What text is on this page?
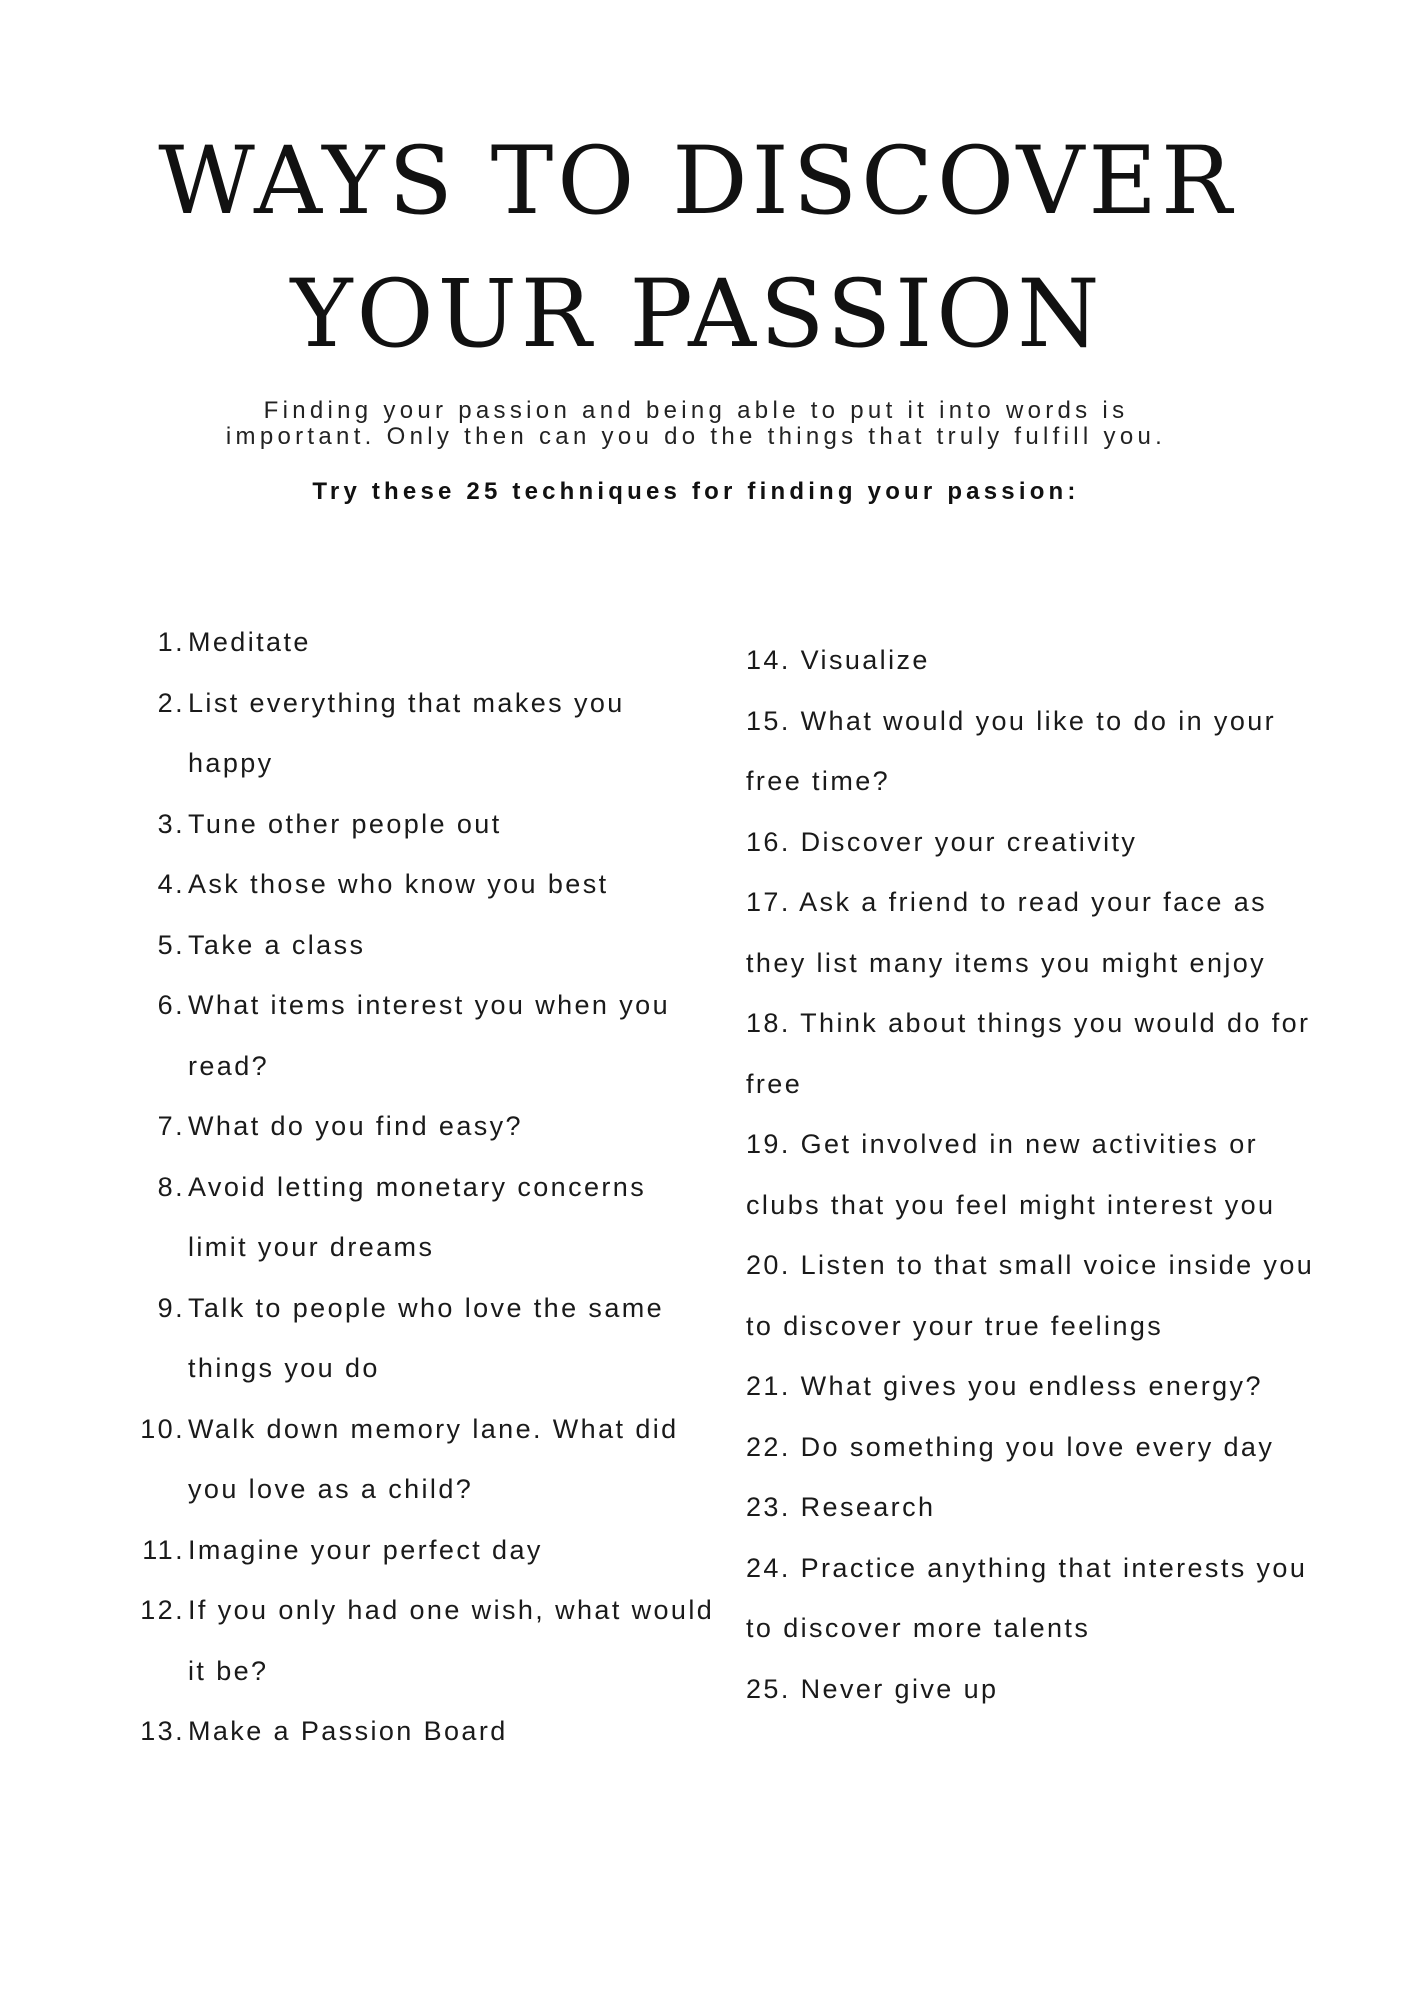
WAYS TO DISCOVER
YOUR PASSION
Finding your passion and being able to put it into words is
important. Only then can you do the things that truly fulfill you.
Try these 25 techniques for finding your passion:
1. Meditate
2. List everything that makes you happy
3. Tune other people out
4. Ask those who know you best
5. Take a class
6. What items interest you when you read?
7. What do you find easy?
8. Avoid letting monetary concerns limit your dreams
9. Talk to people who love the same things you do
10. Walk down memory lane. What did you love as a child?
11. Imagine your perfect day
12. If you only had one wish, what would it be?
13. Make a Passion Board
14. Visualize
15. What would you like to do in your
free time?
16. Discover your creativity
17. Ask a friend to read your face as
they list many items you might enjoy
18. Think about things you would do for
free
19. Get involved in new activities or
clubs that you feel might interest you
20. Listen to that small voice inside you
to discover your true feelings
21. What gives you endless energy?
22. Do something you love every day
23. Research
24. Practice anything that interests you
to discover more talents
25. Never give up
